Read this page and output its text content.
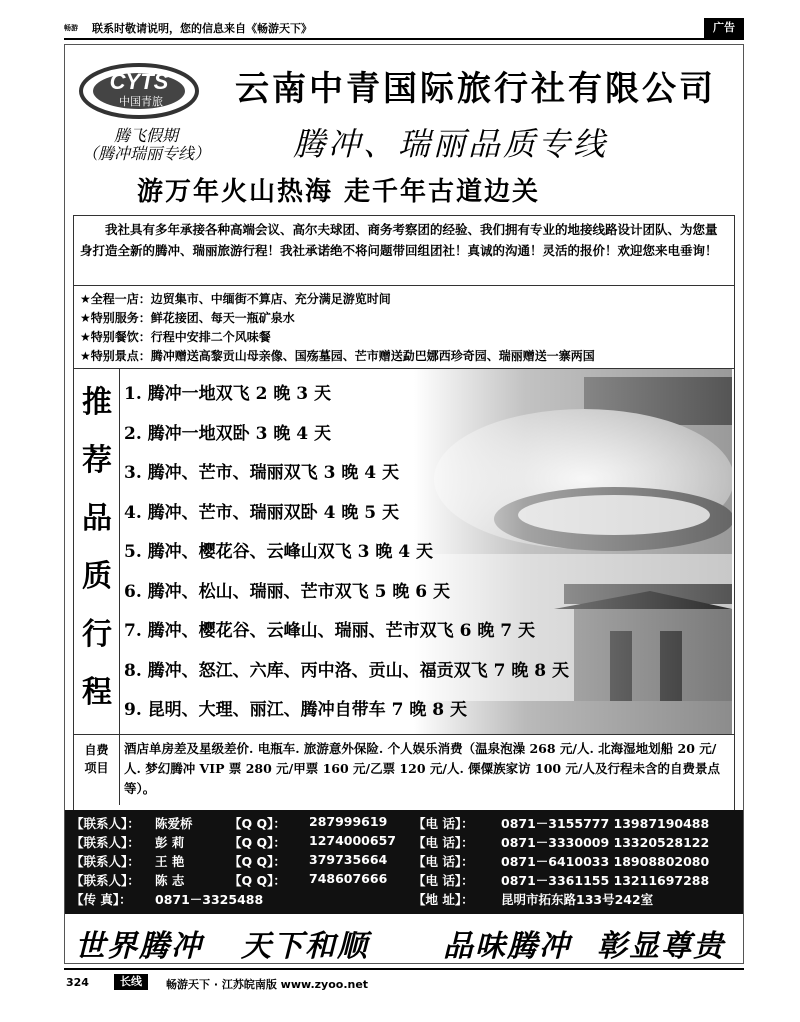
畅游	联系时敬请说明，您的信息来自《畅游天下》	广告
CYTS
中国青旅
腾飞假期
（腾冲瑞丽专线）
云南中青国际旅行社有限公司
腾冲、瑞丽品质专线
游万年火山热海 走千年古道边关
我社具有多年承接各种高端会议、高尔夫球团、商务考察团的经验、我们拥有专业的地接线路设计团队、为您量身打造全新的腾冲、瑞丽旅游行程！我社承诺绝不将问题带回组团社！真诚的沟通！灵活的报价！欢迎您来电垂询！
★全程一店：边贸集市、中缅街不算店、充分满足游览时间
★特别服务：鲜花接团、每天一瓶矿泉水
★特别餐饮：行程中安排二个风味餐
★特别景点：腾冲赠送高黎贡山母亲像、国殇墓园、芒市赠送勐巴娜西珍奇园、瑞丽赠送一寨两国
推
荐
品
质
行
程
1. 腾冲一地双飞 2 晚 3 天
2. 腾冲一地双卧 3 晚 4 天
3. 腾冲、芒市、瑞丽双飞 3 晚 4 天
4. 腾冲、芒市、瑞丽双卧 4 晚 5 天
5. 腾冲、樱花谷、云峰山双飞 3 晚 4 天
6. 腾冲、松山、瑞丽、芒市双飞 5 晚 6 天
7. 腾冲、樱花谷、云峰山、瑞丽、芒市双飞 6 晚 7 天
8. 腾冲、怒江、六库、丙中洛、贡山、福贡双飞 7 晚 8 天
9. 昆明、大理、丽江、腾冲自带车 7 晚 8 天
自费
项目
酒店单房差及星级差价. 电瓶车. 旅游意外保险. 个人娱乐消费（温泉泡澡 268 元/人. 北海湿地划船 20 元/人. 梦幻腾冲 VIP 票 280 元/甲票 160 元/乙票 120 元/人. 傈僳族家访 100 元/人及行程未含的自费景点等）。
【联系人】： 陈爱桥	【Q Q】： 287999619 【电 话】： 0871－3155777 13987190488
【联系人】： 彭 莉	【Q Q】： 1274000657 【电 话】： 0871－3330009 13320528122
【联系人】： 王 艳	【Q Q】： 379735664 【电 话】： 0871－6410033 18908802080
【联系人】： 陈 志	【Q Q】： 748607666 【电 话】： 0871－3361155 13211697288
【传 真】： 0871－3325488	【地 址】： 昆明市拓东路133号242室
世界腾冲 天下和顺 品味腾冲 彰显尊贵
324	长线	畅游天下 · 江苏皖南版 www.zyoo.net
